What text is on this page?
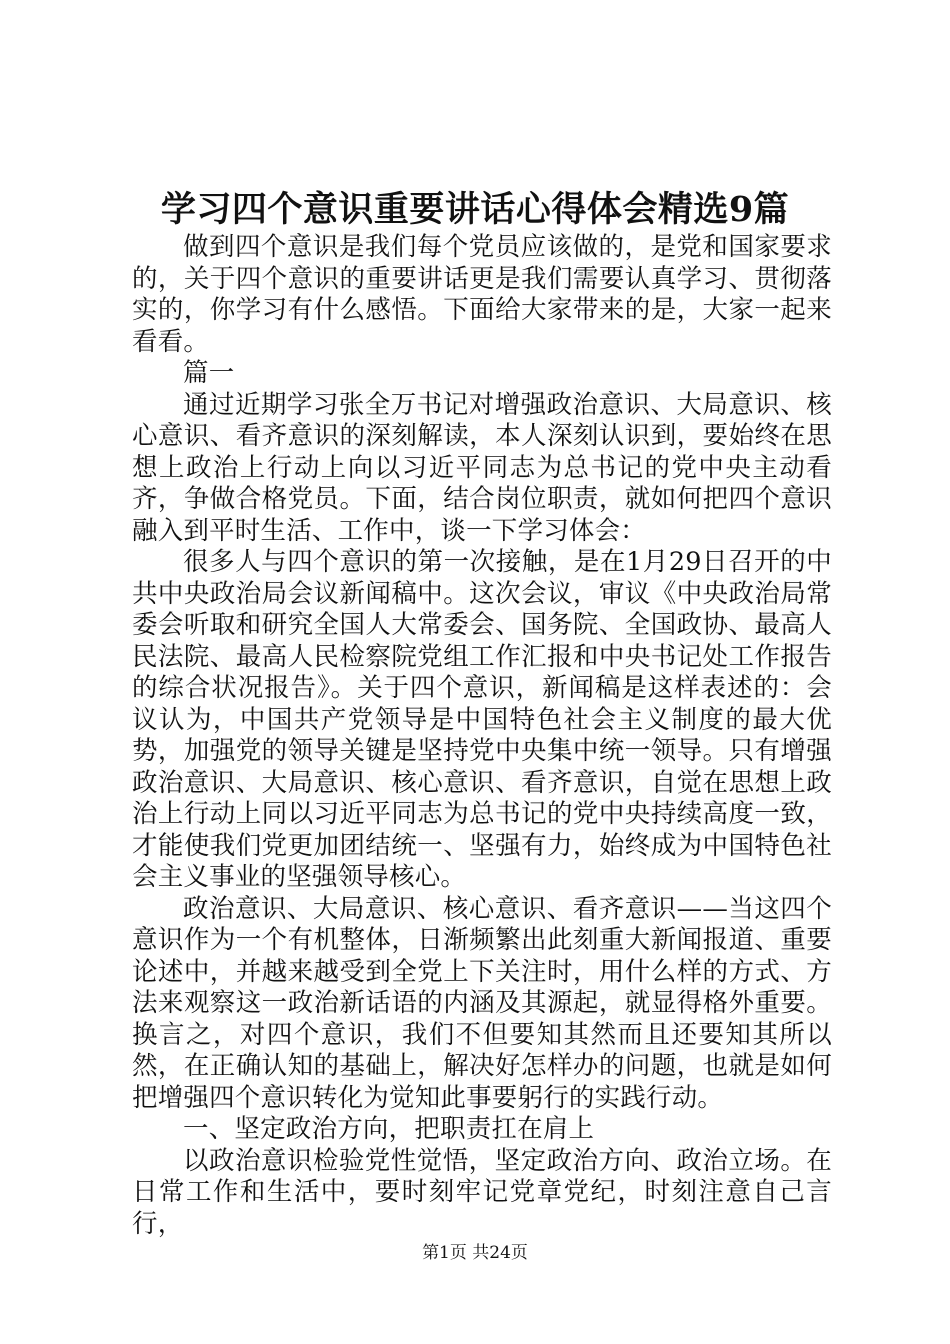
学习四个意识重要讲话心得体会精选9篇

做到四个意识是我们每个党员应该做的，是党和国家要求的，关于四个意识的重要讲话更是我们需要认真学习、贯彻落实的，你学习有什么感悟。下面给大家带来的是，大家一起来看看。

篇一

通过近期学习张全万书记对增强政治意识、大局意识、核心意识、看齐意识的深刻解读，本人深刻认识到，要始终在思想上政治上行动上向以习近平同志为总书记的党中央主动看齐，争做合格党员。下面，结合岗位职责，就如何把四个意识融入到平时生活、工作中，谈一下学习体会：

很多人与四个意识的第一次接触，是在1月29日召开的中共中央政治局会议新闻稿中。这次会议，审议《中央政治局常委会听取和研究全国人大常委会、国务院、全国政协、最高人民法院、最高人民检察院党组工作汇报和中央书记处工作报告的综合状况报告》。关于四个意识，新闻稿是这样表述的：会议认为，中国共产党领导是中国特色社会主义制度的最大优势，加强党的领导关键是坚持党中央集中统一领导。只有增强政治意识、大局意识、核心意识、看齐意识，自觉在思想上政治上行动上同以习近平同志为总书记的党中央持续高度一致，才能使我们党更加团结统一、坚强有力，始终成为中国特色社会主义事业的坚强领导核心。

政治意识、大局意识、核心意识、看齐意识——当这四个意识作为一个有机整体，日渐频繁出此刻重大新闻报道、重要论述中，并越来越受到全党上下关注时，用什么样的方式、方法来观察这一政治新话语的内涵及其源起，就显得格外重要。换言之，对四个意识，我们不但要知其然而且还要知其所以然，在正确认知的基础上，解决好怎样办的问题，也就是如何把增强四个意识转化为觉知此事要躬行的实践行动。

一、坚定政治方向，把职责扛在肩上

以政治意识检验党性觉悟，坚定政治方向、政治立场。在日常工作和生活中，要时刻牢记党章党纪，时刻注意自己言行，

第1页 共24页
